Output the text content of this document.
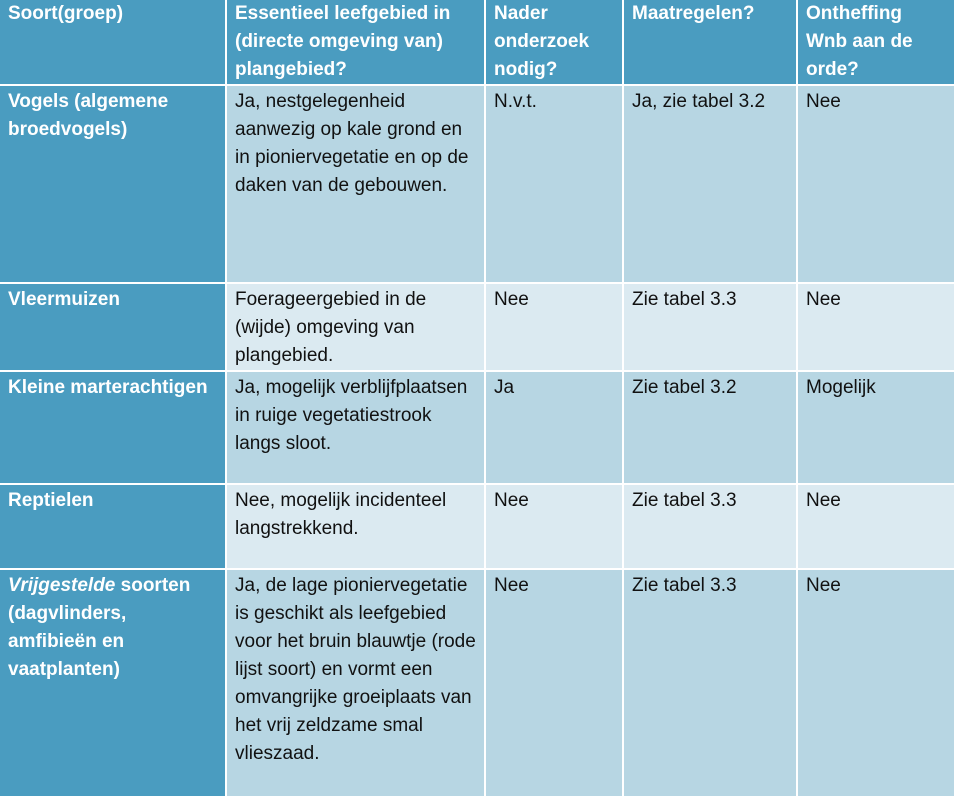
Soort(groep)	Essentieel leefgebied in (directe omgeving van) plangebied?	Nader onderzoek nodig?	Maatregelen?	Ontheffing Wnb aan de orde?
Vogels (algemene broedvogels)	Ja, nestgelegenheid aanwezig op kale grond en in pioniervegetatie en op de daken van de gebouwen.	N.v.t.	Ja, zie tabel 3.2	Nee
Vleermuizen	Foerageergebied in de (wijde) omgeving van plangebied.	Nee	Zie tabel 3.3	Nee
Kleine marterachtigen	Ja, mogelijk verblijfplaatsen in ruige vegetatiestrook langs sloot.	Ja	Zie tabel 3.2	Mogelijk
Reptielen	Nee, mogelijk incidenteel langstrekkend.	Nee	Zie tabel 3.3	Nee
Vrijgestelde soorten (dagvlinders, amfibieën en vaatplanten)	Ja, de lage pioniervegetatie is geschikt als leefgebied voor het bruin blauwtje (rode lijst soort) en vormt een omvangrijke groeiplaats van het vrij zeldzame smal vlieszaad.	Nee	Zie tabel 3.3	Nee
